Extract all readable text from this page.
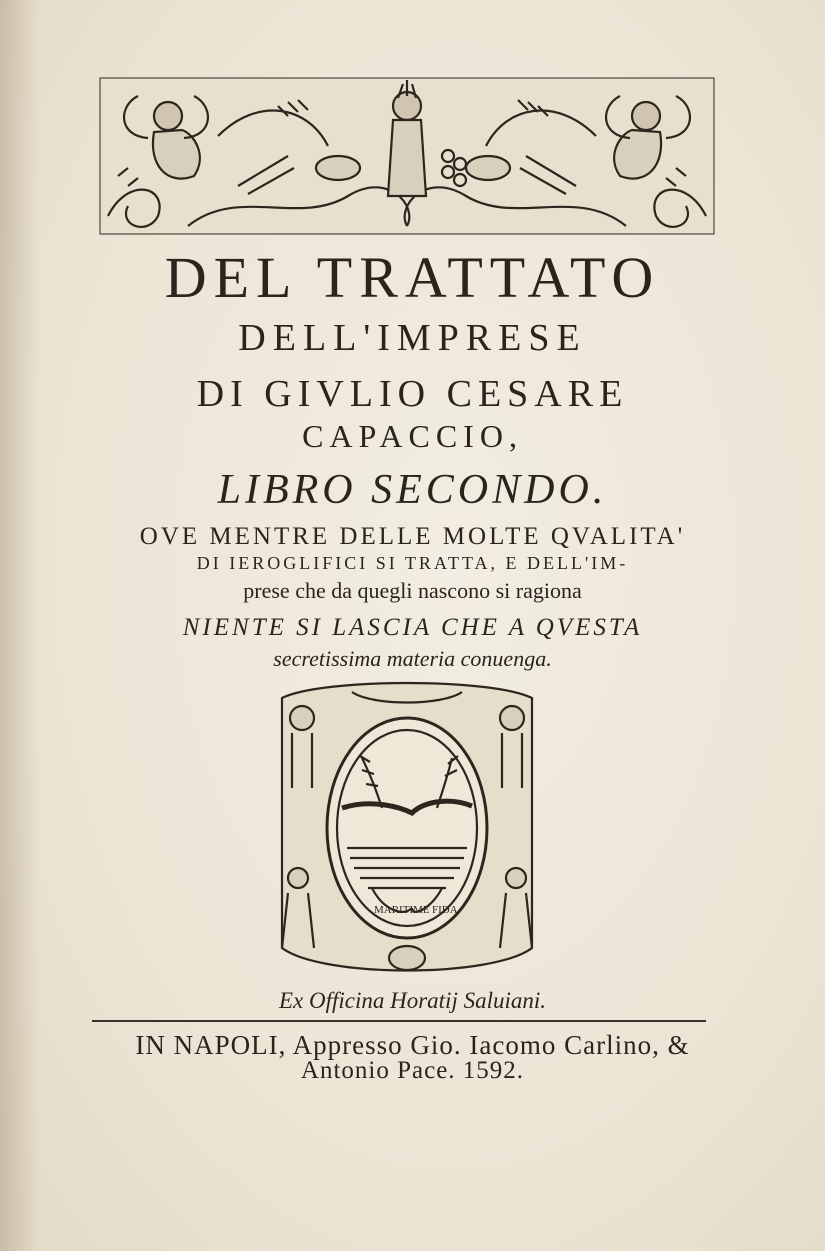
DEL TRATTATO
DELL'IMPRESE
DI GIVLIO CESARE
CAPACCIO,
LIBRO SECONDO.
OVE MENTRE DELLE MOLTE QVALITA'
DI IEROGLIFICI SI TRATTA, E DELL'IM-
prese che da quegli nascono si ragiona
NIENTE SI LASCIA CHE A QVESTA
secretissima materia conuenga.
MARITIME FIDA
Ex Officina Horatij Saluiani.
IN NAPOLI, Appresso Gio. Iacomo Carlino, &
Antonio Pace. 1592.
